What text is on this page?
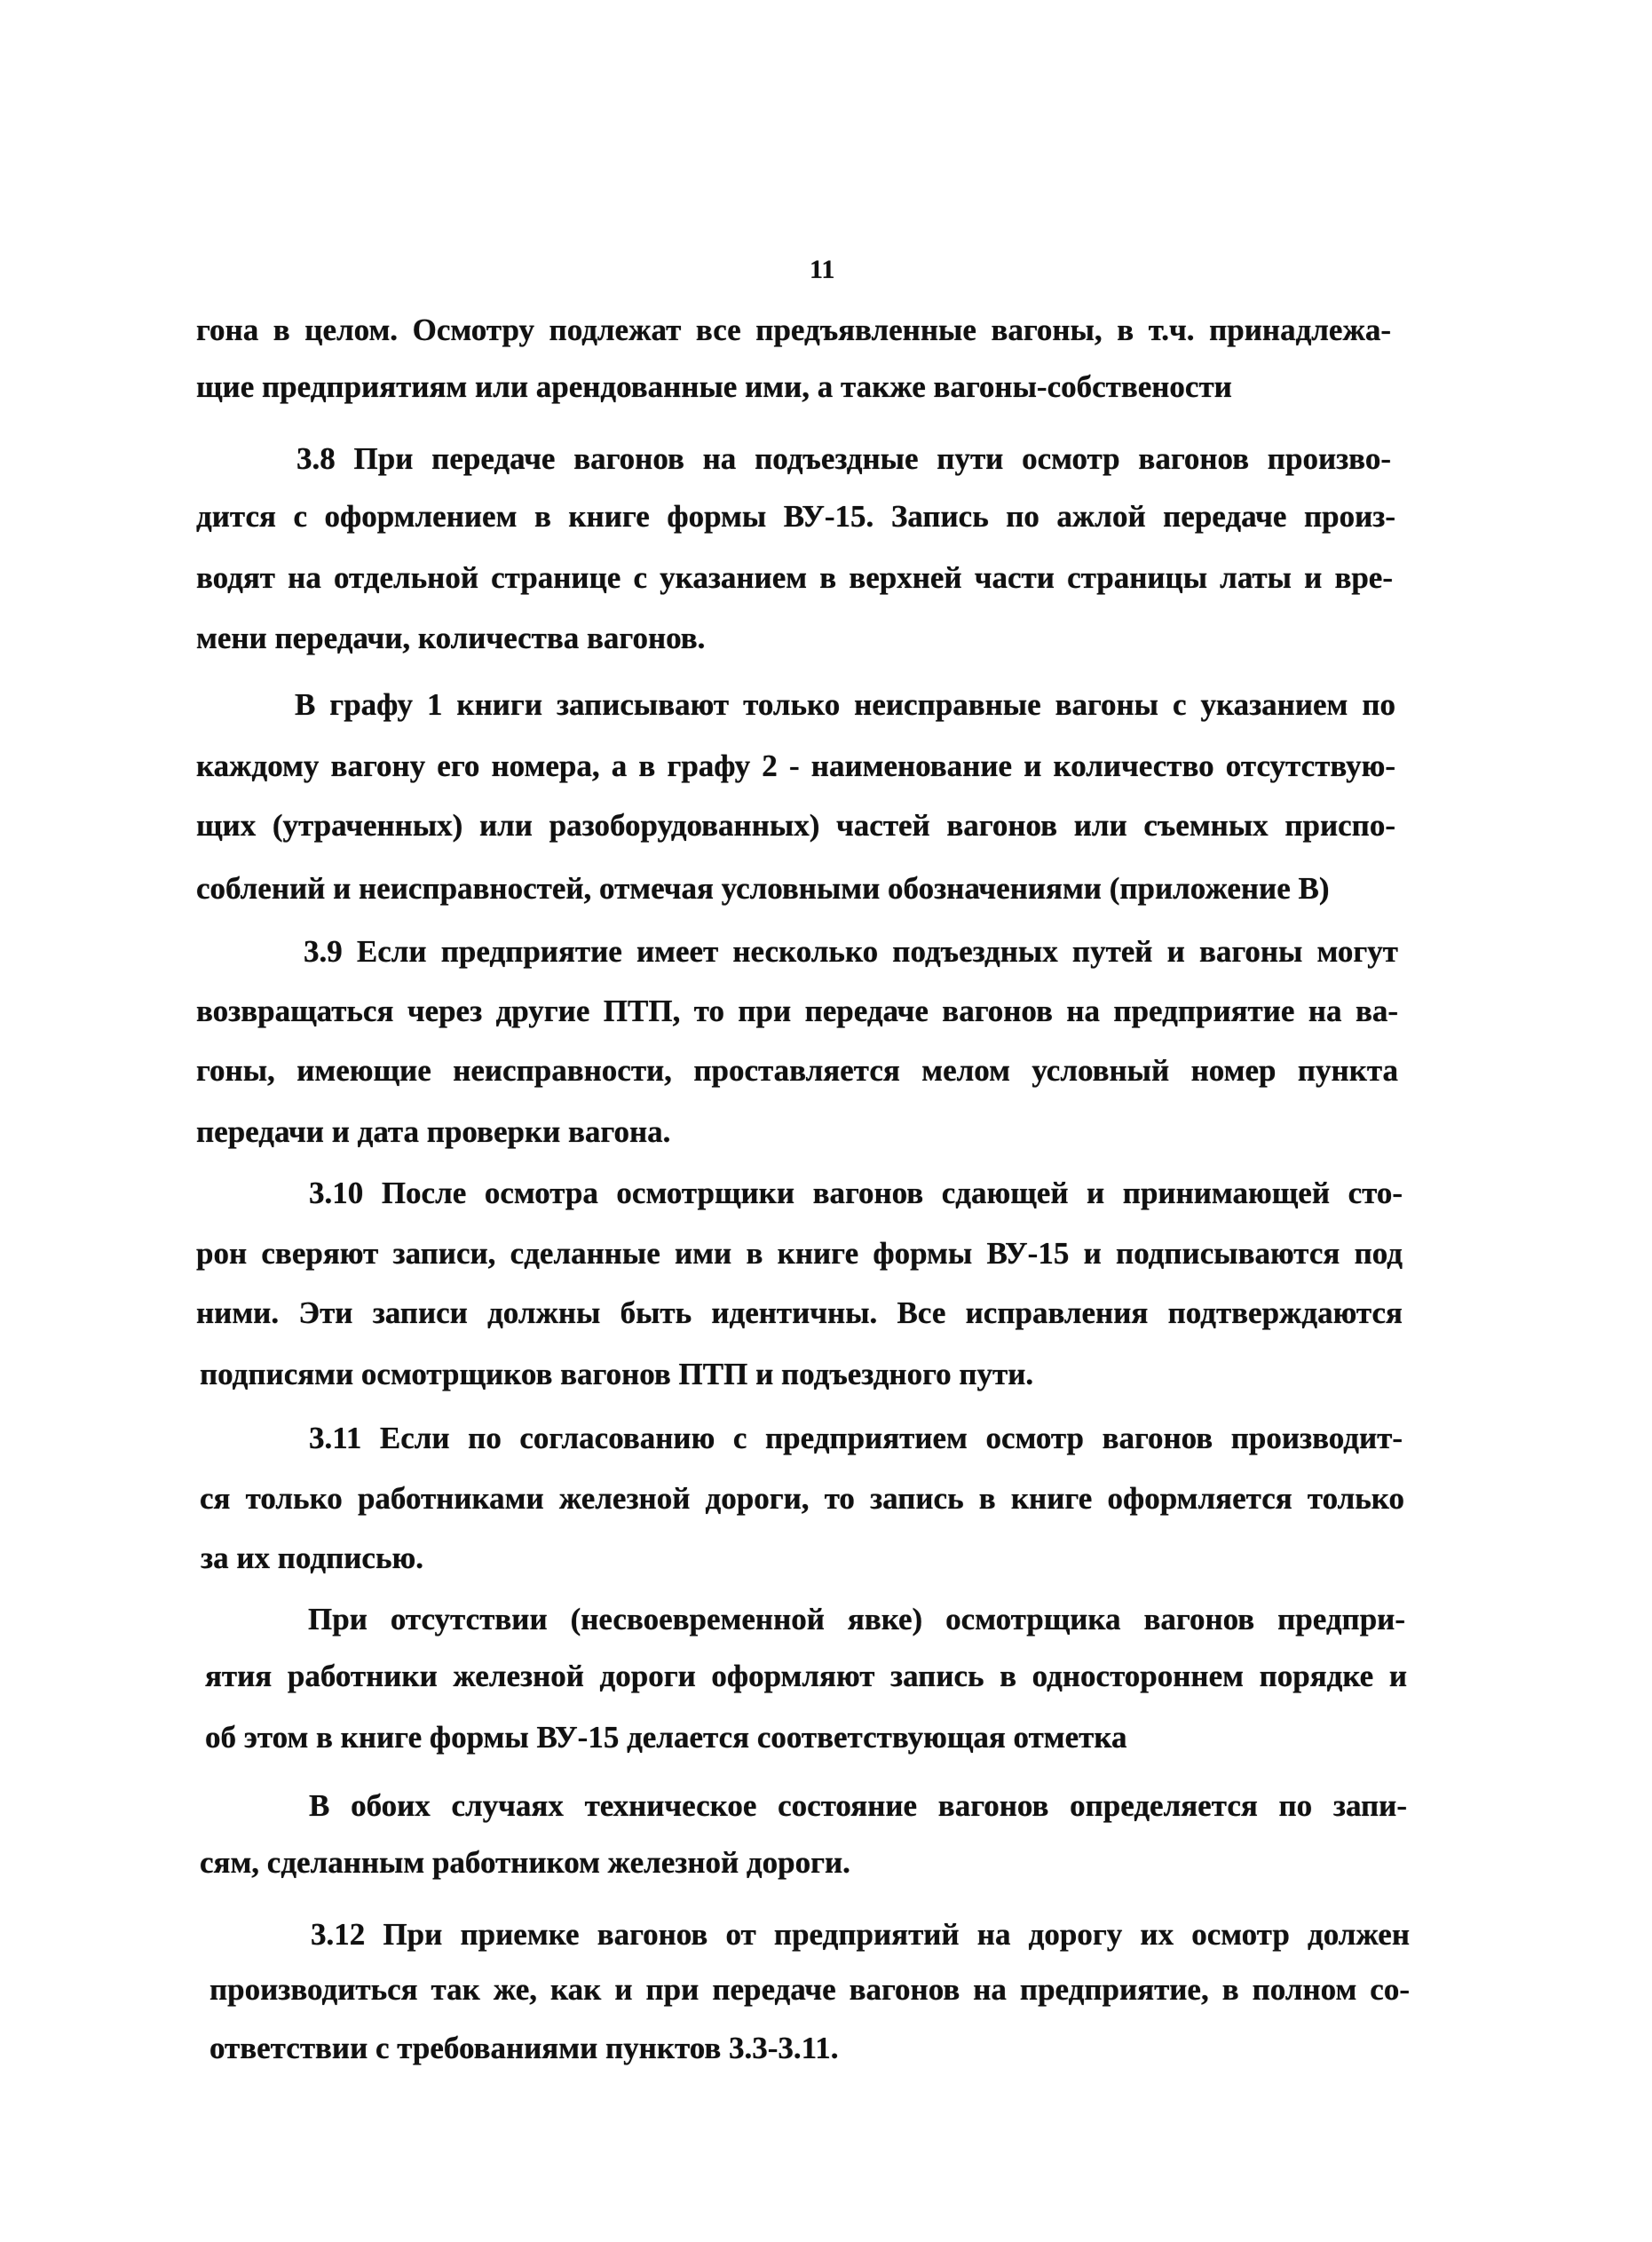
11
гона в целом. Осмотру подлежат все предъявленные вагоны, в т.ч. принадлежа-
щие предприятиям или арендованные ими, а также вагоны-собствености
3.8 При передаче вагонов на подъездные пути осмотр вагонов произво-
дится с оформлением в книге формы ВУ-15. Запись по ажлой передаче произ-
водят на отдельной странице с указанием в верхней части страницы латы и вре-
мени передачи, количества вагонов.
В графу 1 книги записывают только неисправные вагоны с указанием по
каждому вагону его номера, а в графу 2 - наименование и количество отсутствую-
щих (утраченных) или разоборудованных) частей вагонов или съемных приспо-
соблений и неисправностей, отмечая условными обозначениями (приложение В)
3.9 Если предприятие имеет несколько подъездных путей и вагоны могут
возвращаться через другие ПТП, то при передаче вагонов на предприятие на ва-
гоны, имеющие неисправности, проставляется мелом условный номер пункта
передачи и дата проверки вагона.
3.10 После осмотра осмотрщики вагонов сдающей и принимающей сто-
рон сверяют записи, сделанные ими в книге формы ВУ-15 и подписываются под
ними. Эти записи должны быть идентичны. Все исправления подтверждаются
подписями осмотрщиков вагонов ПТП и подъездного пути.
3.11 Если по согласованию с предприятием осмотр вагонов производит-
ся только работниками железной дороги, то запись в книге оформляется только
за их подписью.
При отсутствии (несвоевременной явке) осмотрщика вагонов предпри-
ятия работники железной дороги оформляют запись в одностороннем порядке и
об этом в книге формы ВУ-15 делается соответствующая отметка
В обоих случаях техническое состояние вагонов определяется по запи-
сям, сделанным работником железной дороги.
3.12 При приемке вагонов от предприятий на дорогу их осмотр должен
производиться так же, как и при передаче вагонов на предприятие, в полном со-
ответствии с требованиями пунктов 3.3-3.11.
